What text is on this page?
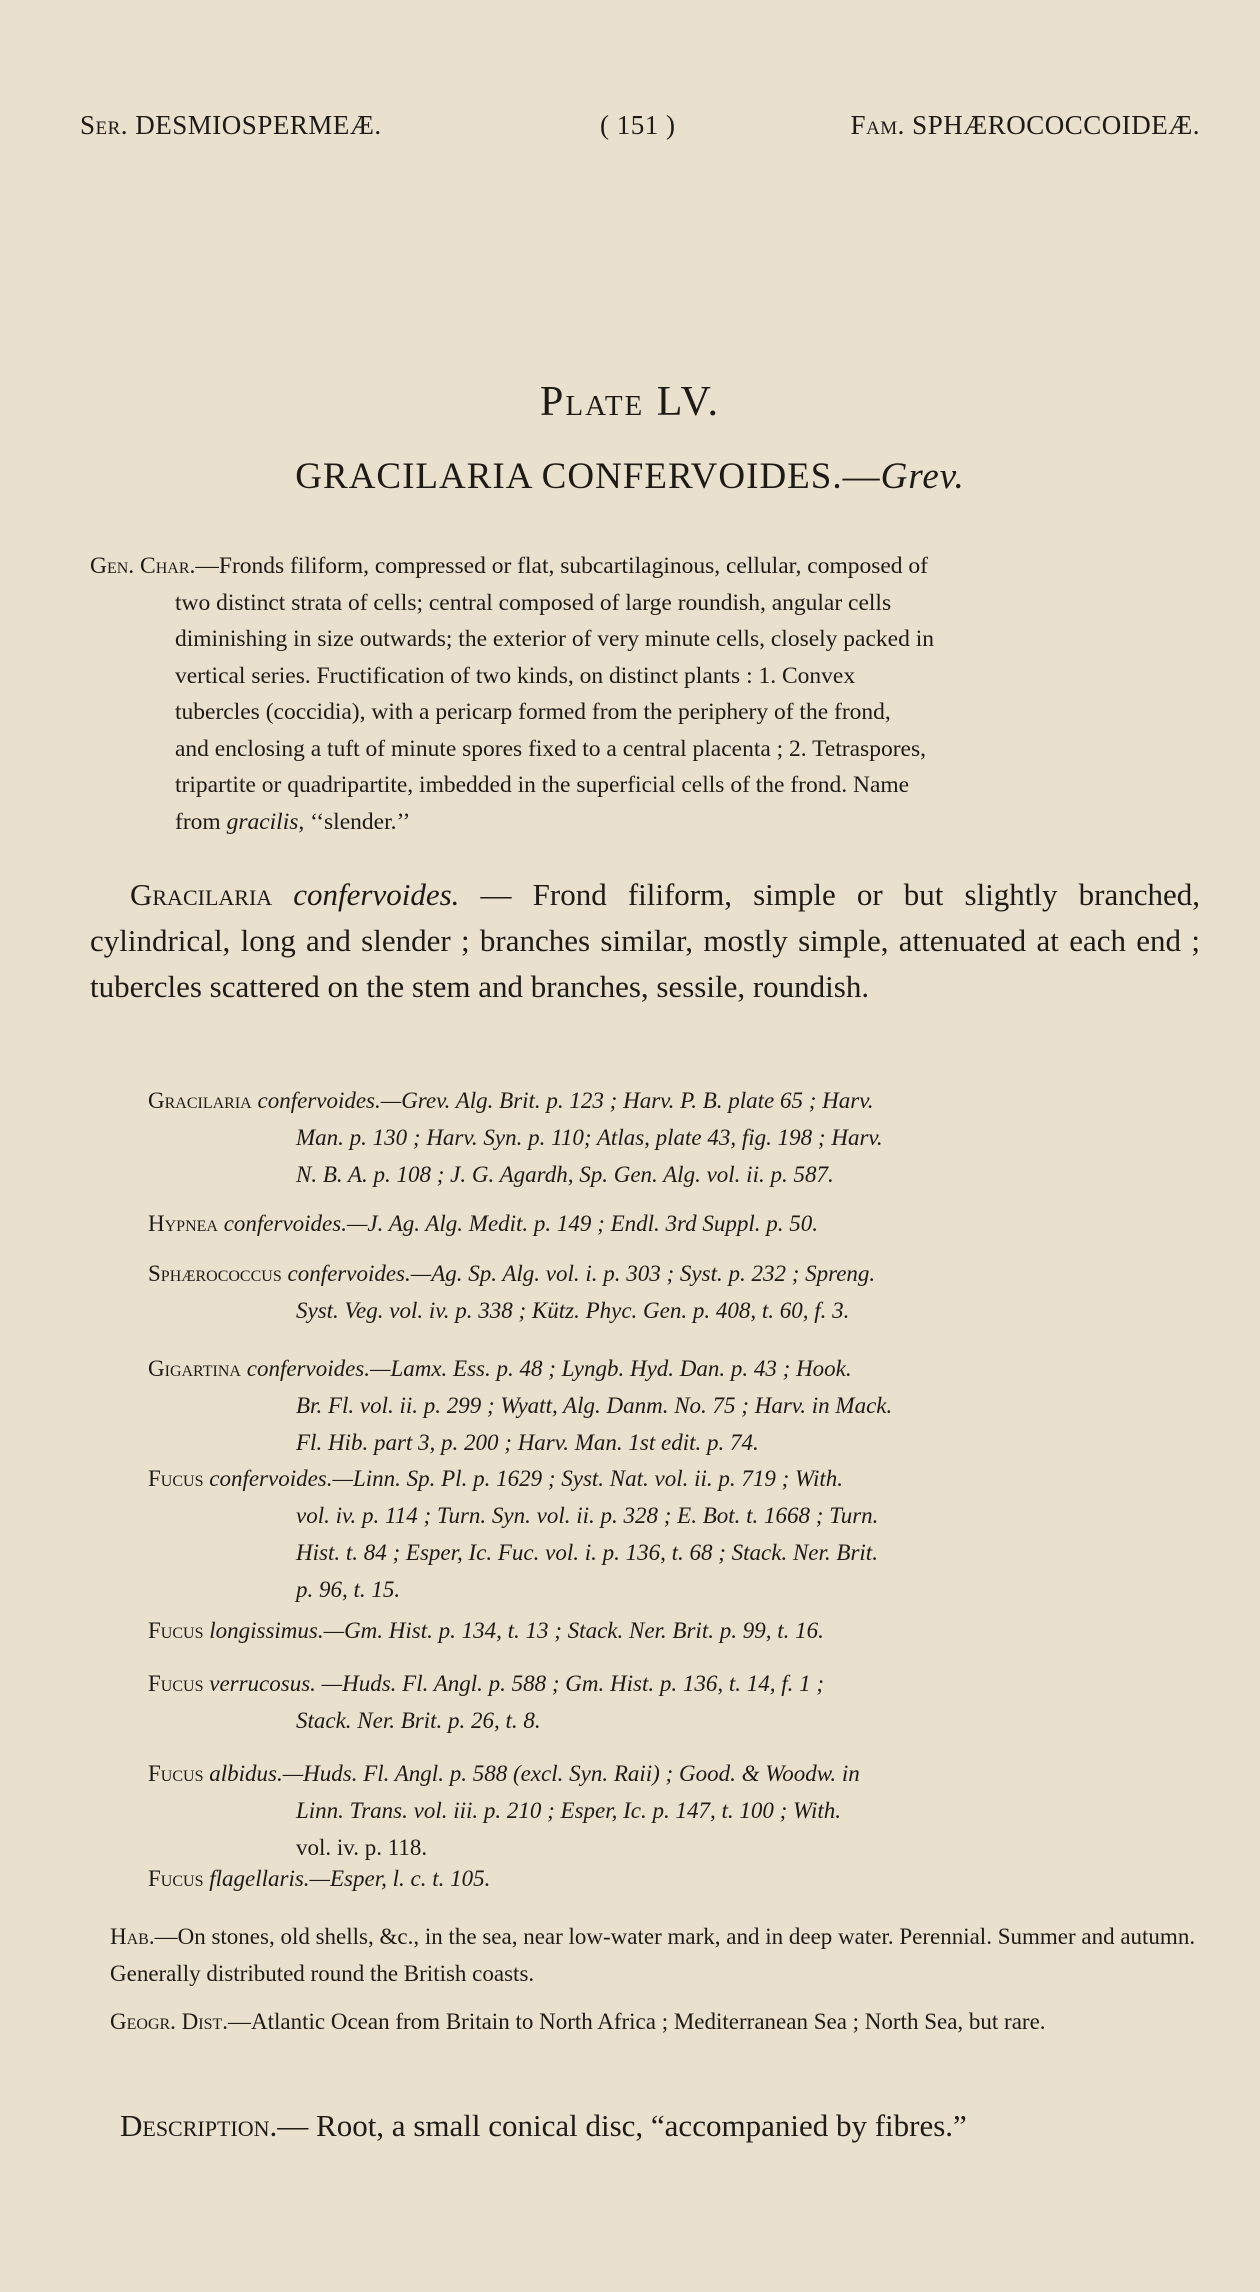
Ser. DESMIOSPERMEÆ.	( 151 )	Fam. SPHÆROCOCCOIDEÆ.
Plate LV.
GRACILARIA CONFERVOIDES.—Grev.
Gen. Char.—Fronds filiform, compressed or flat, subcartilaginous, cellular, composed of
two distinct strata of cells; central composed of large roundish, angular cells
diminishing in size outwards; the exterior of very minute cells, closely packed in
vertical series. Fructification of two kinds, on distinct plants : 1. Convex
tubercles (coccidia), with a pericarp formed from the periphery of the frond,
and enclosing a tuft of minute spores fixed to a central placenta ; 2. Tetraspores,
tripartite or quadripartite, imbedded in the superficial cells of the frond. Name
from gracilis, ‘‘slender.’’
Gracilaria confervoides. — Frond filiform, simple or but slightly branched, cylindrical, long and slender ; branches similar, mostly simple, attenuated at each end ; tubercles scattered on the stem and branches, sessile, roundish.
Gracilaria confervoides.—Grev. Alg. Brit. p. 123 ; Harv. P. B. plate 65 ; Harv.
Man. p. 130 ; Harv. Syn. p. 110; Atlas, plate 43, fig. 198 ; Harv.
N. B. A. p. 108 ; J. G. Agardh, Sp. Gen. Alg. vol. ii. p. 587.
Hypnea confervoides.—J. Ag. Alg. Medit. p. 149 ; Endl. 3rd Suppl. p. 50.
Sphærococcus confervoides.—Ag. Sp. Alg. vol. i. p. 303 ; Syst. p. 232 ; Spreng.
Syst. Veg. vol. iv. p. 338 ; Kütz. Phyc. Gen. p. 408, t. 60, f. 3.
Gigartina confervoides.—Lamx. Ess. p. 48 ; Lyngb. Hyd. Dan. p. 43 ; Hook.
Br. Fl. vol. ii. p. 299 ; Wyatt, Alg. Danm. No. 75 ; Harv. in Mack.
Fl. Hib. part 3, p. 200 ; Harv. Man. 1st edit. p. 74.
Fucus confervoides.—Linn. Sp. Pl. p. 1629 ; Syst. Nat. vol. ii. p. 719 ; With.
vol. iv. p. 114 ; Turn. Syn. vol. ii. p. 328 ; E. Bot. t. 1668 ; Turn.
Hist. t. 84 ; Esper, Ic. Fuc. vol. i. p. 136, t. 68 ; Stack. Ner. Brit.
p. 96, t. 15.
Fucus longissimus.—Gm. Hist. p. 134, t. 13 ; Stack. Ner. Brit. p. 99, t. 16.
Fucus verrucosus. —Huds. Fl. Angl. p. 588 ; Gm. Hist. p. 136, t. 14, f. 1 ;
Stack. Ner. Brit. p. 26, t. 8.
Fucus albidus.—Huds. Fl. Angl. p. 588 (excl. Syn. Raii) ; Good. & Woodw. in
Linn. Trans. vol. iii. p. 210 ; Esper, Ic. p. 147, t. 100 ; With.
vol. iv. p. 118.
Fucus flagellaris.—Esper, l. c. t. 105.
Hab.—On stones, old shells, &c., in the sea, near low-water mark, and in deep water. Perennial. Summer and autumn. Generally distributed round the British coasts.
Geogr. Dist.—Atlantic Ocean from Britain to North Africa ; Mediterranean Sea ; North Sea, but rare.
Description.— Root, a small conical disc, “accompanied by fibres.”
